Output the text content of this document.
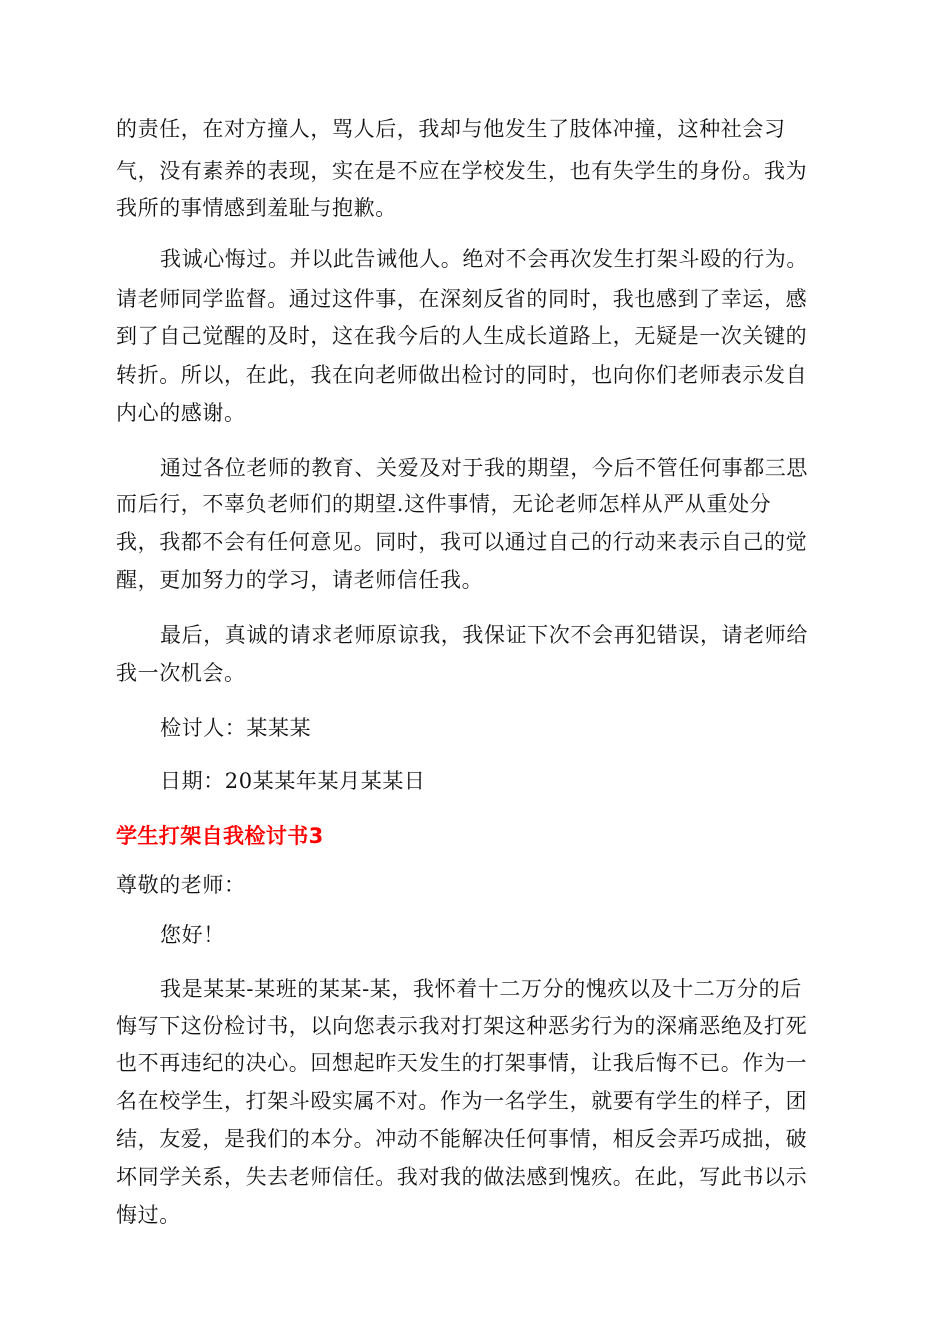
的责任，在对方撞人，骂人后，我却与他发生了肢体冲撞，这种社会习
气，没有素养的表现，实在是不应在学校发生，也有失学生的身份。我为
我所的事情感到羞耻与抱歉。
我诚心悔过。并以此告诫他人。绝对不会再次发生打架斗殴的行为。
请老师同学监督。通过这件事，在深刻反省的同时，我也感到了幸运，感
到了自己觉醒的及时，这在我今后的人生成长道路上，无疑是一次关键的
转折。所以，在此，我在向老师做出检讨的同时，也向你们老师表示发自
内心的感谢。
通过各位老师的教育、关爱及对于我的期望，今后不管任何事都三思
而后行，不辜负老师们的期望.这件事情，无论老师怎样从严从重处分
我，我都不会有任何意见。同时，我可以通过自己的行动来表示自己的觉
醒，更加努力的学习，请老师信任我。
最后，真诚的请求老师原谅我，我保证下次不会再犯错误，请老师给
我一次机会。
检讨人：某某某
日期：20某某年某月某某日
学生打架自我检讨书3
尊敬的老师：
您好！
我是某某-某班的某某-某，我怀着十二万分的愧疚以及十二万分的后
悔写下这份检讨书，以向您表示我对打架这种恶劣行为的深痛恶绝及打死
也不再违纪的决心。回想起昨天发生的打架事情，让我后悔不已。作为一
名在校学生，打架斗殴实属不对。作为一名学生，就要有学生的样子，团
结，友爱，是我们的本分。冲动不能解决任何事情，相反会弄巧成拙，破
坏同学关系，失去老师信任。我对我的做法感到愧疚。在此，写此书以示
悔过。
